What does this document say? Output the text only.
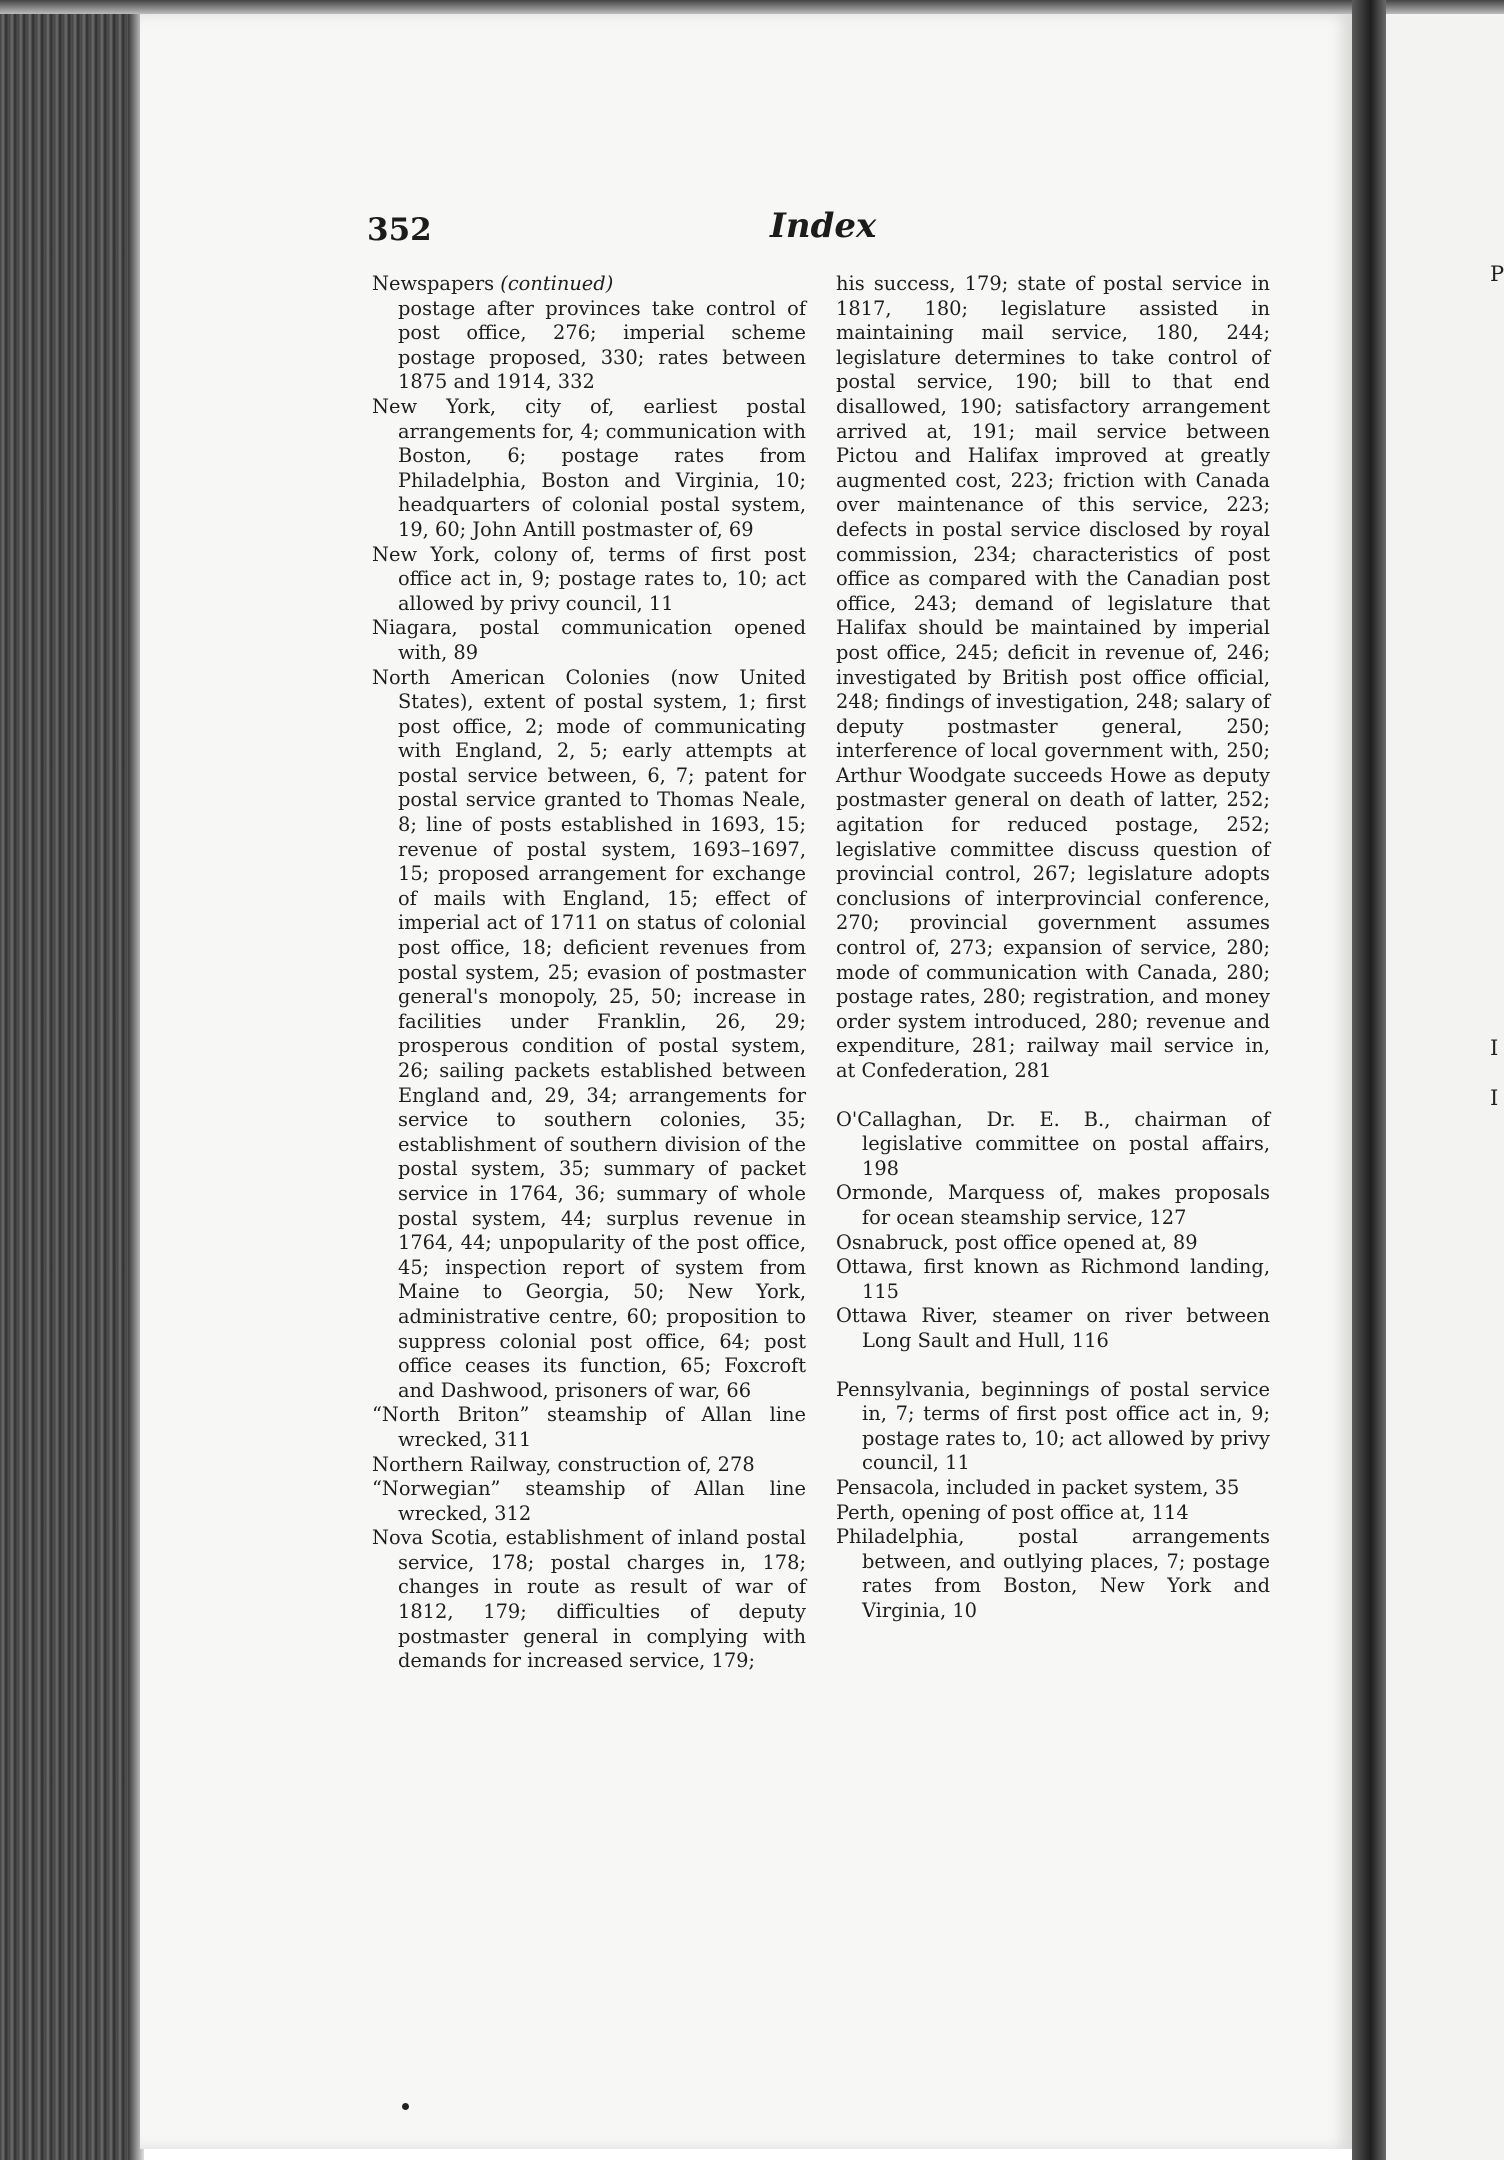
P
I
I
352	Index

Newspapers (continued)

postage after provinces take control of post office, 276; imperial scheme postage proposed, 330; rates between 1875 and 1914, 332

New York, city of, earliest postal arrangements for, 4; communication with Boston, 6; postage rates from Philadelphia, Boston and Virginia, 10; headquarters of colonial postal system, 19, 60; John Antill postmaster of, 69

New York, colony of, terms of first post office act in, 9; postage rates to, 10; act allowed by privy council, 11

Niagara, postal communication opened with, 89

North American Colonies (now United States), extent of postal system, 1; first post office, 2; mode of communicating with England, 2, 5; early attempts at postal service between, 6, 7; patent for postal service granted to Thomas Neale, 8; line of posts established in 1693, 15; revenue of postal system, 1693–1697, 15; proposed arrangement for exchange of mails with England, 15; effect of imperial act of 1711 on status of colonial post office, 18; deficient revenues from postal system, 25; evasion of postmaster general's monopoly, 25, 50; increase in facilities under Franklin, 26, 29; prosperous condition of postal system, 26; sailing packets established between England and, 29, 34; arrangements for service to southern colonies, 35; establishment of southern division of the postal system, 35; summary of packet service in 1764, 36; summary of whole postal system, 44; surplus revenue in 1764, 44; unpopularity of the post office, 45; inspection report of system from Maine to Georgia, 50; New York, administrative centre, 60; proposition to suppress colonial post office, 64; post office ceases its function, 65; Foxcroft and Dashwood, prisoners of war, 66

“North Briton” steamship of Allan line wrecked, 311

Northern Railway, construction of, 278

“Norwegian” steamship of Allan line wrecked, 312

Nova Scotia, establishment of inland postal service, 178; postal charges in, 178; changes in route as result of war of 1812, 179; difficulties of deputy postmaster general in complying with demands for increased service, 179;

his success, 179; state of postal service in 1817, 180; legislature assisted in maintaining mail service, 180, 244; legislature determines to take control of postal service, 190; bill to that end disallowed, 190; satisfactory arrangement arrived at, 191; mail service between Pictou and Halifax improved at greatly augmented cost, 223; friction with Canada over maintenance of this service, 223; defects in postal service disclosed by royal commission, 234; characteristics of post office as compared with the Canadian post office, 243; demand of legislature that Halifax should be maintained by imperial post office, 245; deficit in revenue of, 246; investigated by British post office official, 248; findings of investigation, 248; salary of deputy postmaster general, 250; interference of local government with, 250; Arthur Woodgate succeeds Howe as deputy postmaster general on death of latter, 252; agitation for reduced postage, 252; legislative committee discuss question of provincial control, 267; legislature adopts conclusions of interprovincial conference, 270; provincial government assumes control of, 273; expansion of service, 280; mode of communication with Canada, 280; postage rates, 280; registration, and money order system introduced, 280; revenue and expenditure, 281; railway mail service in, at Confederation, 281

O'Callaghan, Dr. E. B., chairman of legislative committee on postal affairs, 198

Ormonde, Marquess of, makes proposals for ocean steamship service, 127

Osnabruck, post office opened at, 89

Ottawa, first known as Richmond landing, 115

Ottawa River, steamer on river between Long Sault and Hull, 116

Pennsylvania, beginnings of postal service in, 7; terms of first post office act in, 9; postage rates to, 10; act allowed by privy council, 11

Pensacola, included in packet system, 35

Perth, opening of post office at, 114

Philadelphia, postal arrangements between, and outlying places, 7; postage rates from Boston, New York and Virginia, 10
